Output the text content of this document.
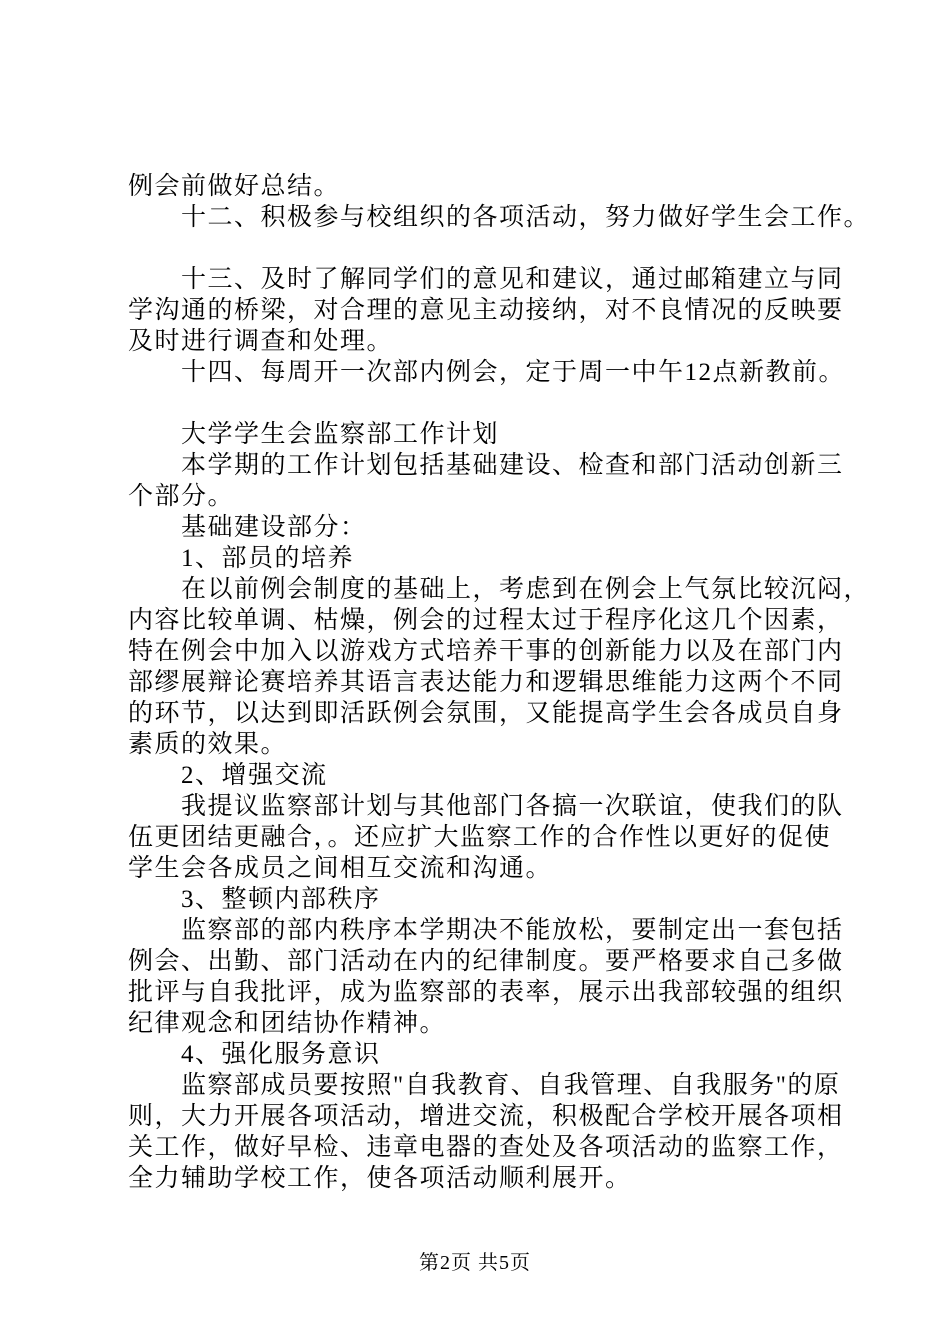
例会前做好总结。
十二、积极参与校组织的各项活动，努力做好学生会工作。
十三、及时了解同学们的意见和建议，通过邮箱建立与同
学沟通的桥梁，对合理的意见主动接纳，对不良情况的反映要
及时进行调查和处理。
十四、每周开一次部内例会，定于周一中午12点新教前。
大学学生会监察部工作计划
本学期的工作计划包括基础建设、检查和部门活动创新三
个部分。
基础建设部分：
1、部员的培养
在以前例会制度的基础上，考虑到在例会上气氛比较沉闷，
内容比较单调、枯燥，例会的过程太过于程序化这几个因素，
特在例会中加入以游戏方式培养干事的创新能力以及在部门内
部缪展辩论赛培养其语言表达能力和逻辑思维能力这两个不同
的环节，以达到即活跃例会氛围，又能提高学生会各成员自身
素质的效果。
2、增强交流
我提议监察部计划与其他部门各搞一次联谊，使我们的队
伍更团结更融合，。还应扩大监察工作的合作性以更好的促使
学生会各成员之间相互交流和沟通。
3、整顿内部秩序
监察部的部内秩序本学期决不能放松，要制定出一套包括
例会、出勤、部门活动在内的纪律制度。要严格要求自己多做
批评与自我批评，成为监察部的表率，展示出我部较强的组织
纪律观念和团结协作精神。
4、强化服务意识
监察部成员要按照"自我教育、自我管理、自我服务"的原
则，大力开展各项活动，增进交流，积极配合学校开展各项相
关工作，做好早检、违章电器的查处及各项活动的监察工作，
全力辅助学校工作，使各项活动顺利展开。
第2页 共5页
